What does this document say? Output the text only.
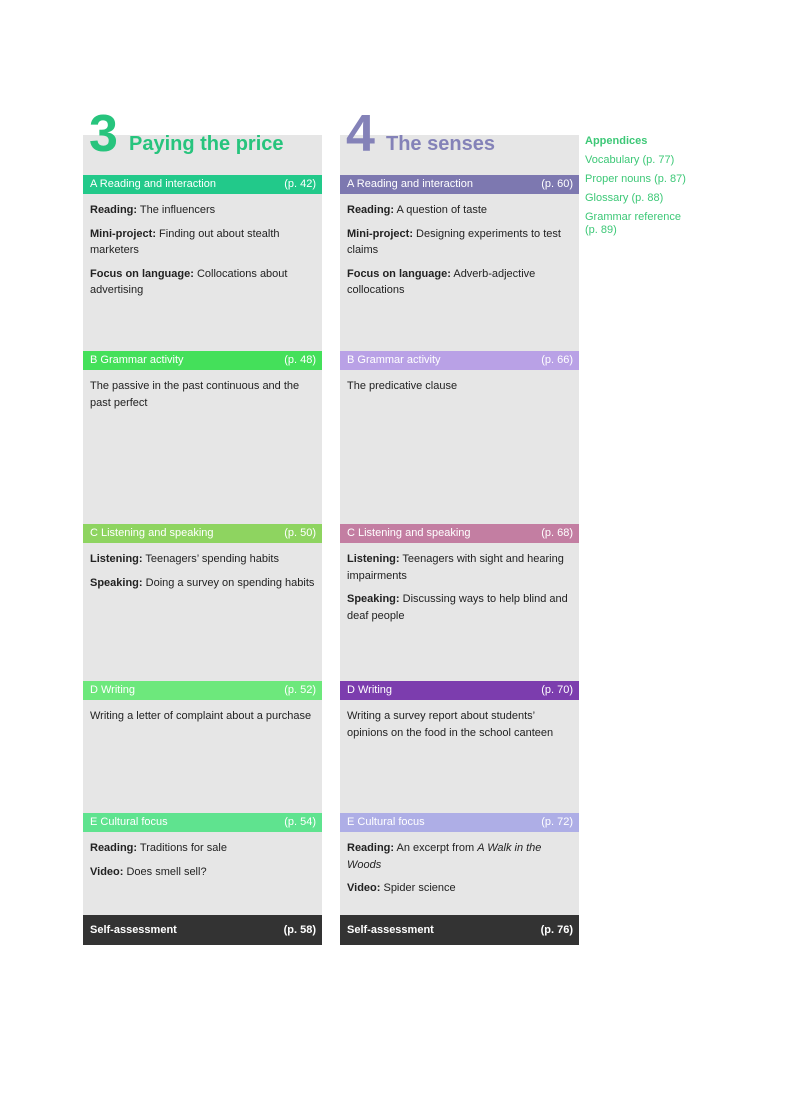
3 Paying the price
A Reading and interaction	(p. 42)

Reading: The influencers

Mini-project: Finding out about stealth marketers

Focus on language: Collocations about advertising

B Grammar activity	(p. 48)

The passive in the past continuous and the past perfect

C Listening and speaking	(p. 50)

Listening: Teenagers’ spending habits

Speaking: Doing a survey on spending habits

D Writing	(p. 52)

Writing a letter of complaint about a purchase

E Cultural focus	(p. 54)

Reading: Traditions for sale

Video: Does smell sell?

Self-assessment	(p. 58)
4 The senses
A Reading and interaction	(p. 60)

Reading: A question of taste

Mini-project: Designing experiments to test claims

Focus on language: Adverb-adjective collocations

B Grammar activity	(p. 66)

The predicative clause

C Listening and speaking	(p. 68)

Listening: Teenagers with sight and hearing impairments

Speaking: Discussing ways to help blind and deaf people

D Writing	(p. 70)

Writing a survey report about students’ opinions on the food in the school canteen

E Cultural focus	(p. 72)

Reading: An excerpt from A Walk in the Woods

Video: Spider science

Self-assessment	(p. 76)
Appendices
Vocabulary (p. 77)
Proper nouns (p. 87)
Glossary (p. 88)
Grammar reference (p. 89)
